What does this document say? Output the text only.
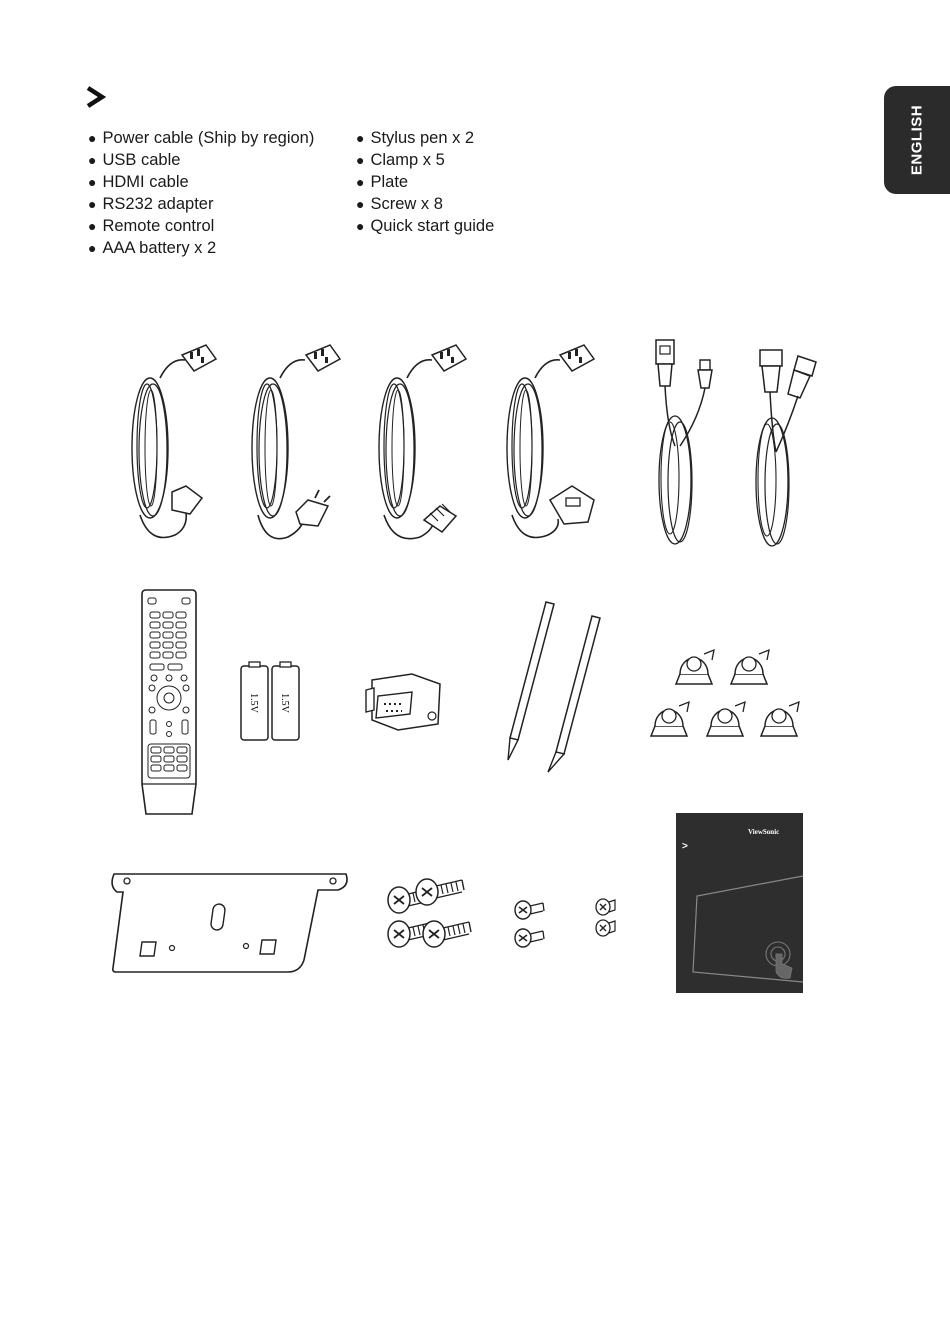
ENGLISH
● Power cable (Ship by region)
● USB cable
● HDMI cable
● RS232 adapter
● Remote control
● AAA battery x 2
● Stylus pen x 2
● Clamp x 5
● Plate
● Screw x 8
● Quick start guide
1.5V 1.5V
ViewSonic
>
